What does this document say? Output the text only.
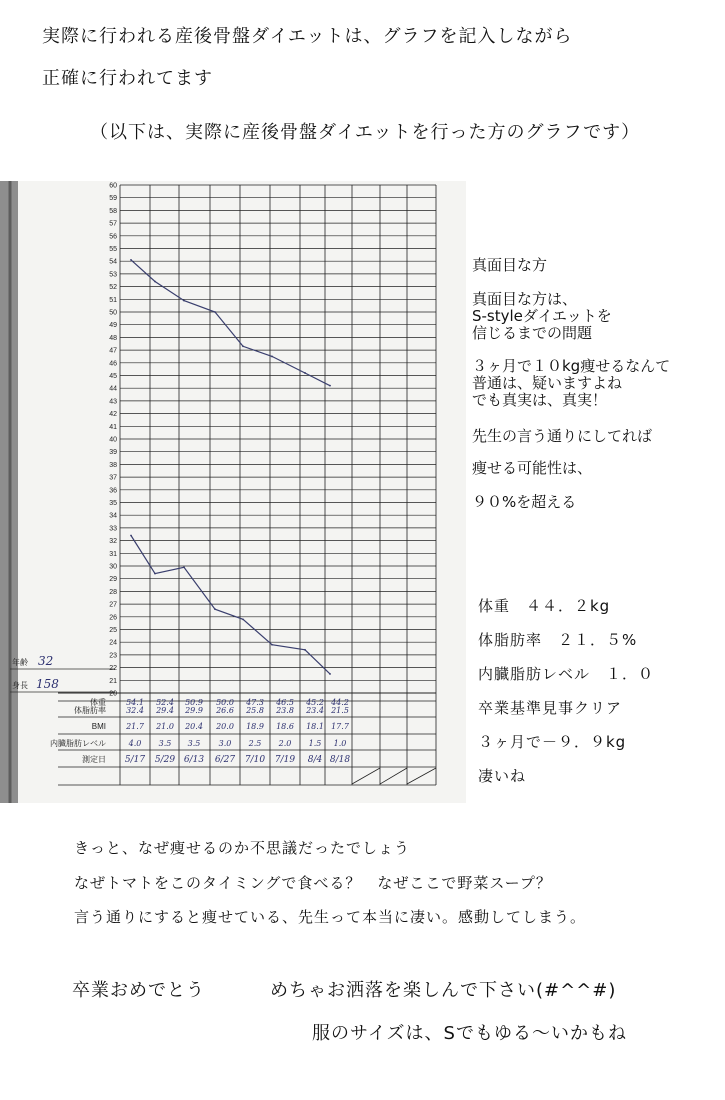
実際に行われる産後骨盤ダイエットは、グラフを記入しながら
正確に行われてます
（以下は、実際に産後骨盤ダイエットを行った方のグラフです）
20
21
22
23
24
25
26
27
28
29
30
31
32
33
34
35
36
37
38
39
40
41
42
43
44
45
46
47
48
49
50
51
52
53
54
55
56
57
58
59
60
年齢 32
身長 158
体重
体脂肪率
BMI
内臓脂肪レベル
測定日
54.1 52.4 50.9 50.0 47.3 46.5 45.2 44.2
32.4 29.4 29.9 26.6 25.8 23.8 23.4 21.5
21.7 21.0 20.4 20.0 18.9 18.6 18.1 17.7
4.0 3.5 3.5 3.0 2.5 2.0 1.5 1.0
5/17 5/29 6/13 6/27 7/10 7/19 8/4 8/18
真面目な方
真面目な方は、
S-styleダイエットを
信じるまでの問題
３ヶ月で１０kg痩せるなんて
普通は、疑いますよね
でも真実は、真実！
先生の言う通りにしてれば
痩せる可能性は、
９０%を超える
体重　４４．２kg
体脂肪率　２１．５%
内臓脂肪レベル　１．０
卒業基準見事クリア
３ヶ月で－９．９kg
凄いね
きっと、なぜ痩せるのか不思議だったでしょう
なぜトマトをこのタイミングで食べる？　なぜここで野菜スープ？
言う通りにすると痩せている、先生って本当に凄い。感動してしまう。
卒業おめでとう	めちゃお洒落を楽しんで下さい(#^^#)
服のサイズは、Sでもゆる～いかもね
